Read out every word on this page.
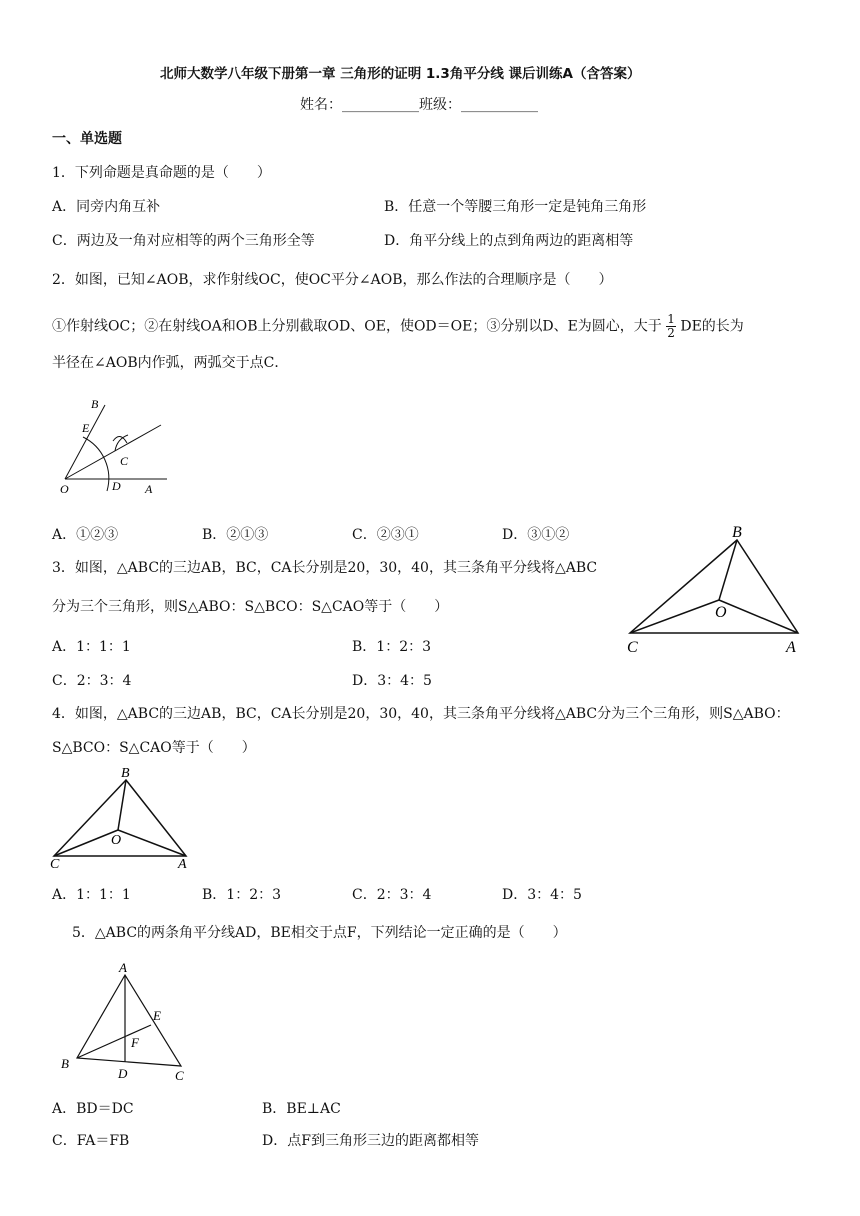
北师大数学八年级下册第一章 三角形的证明 1.3角平分线 课后训练A（含答案）
姓名：___________班级：___________
一、单选题
1．下列命题是真命题的是（　　）
A．同旁内角互补	B．任意一个等腰三角形一定是钝角三角形
C．两边及一角对应相等的两个三角形全等	D．角平分线上的点到角两边的距离相等
2．如图，已知∠AOB，求作射线OC，使OC平分∠AOB，那么作法的合理顺序是（　　）
①作射线OC；②在射线OA和OB上分别截取OD、OE，使OD＝OE；③分别以D、E为圆心，大于 $\frac{1}{2}$ DE的长为
半径在∠AOB内作弧，两弧交于点C．
B
E
C
O	D A
A．①②③	B．②①③	C．②③①	D．③①②
3．如图，△ABC的三边AB，BC，CA长分别是20，30，40，其三条角平分线将△ABC
分为三个三角形，则S△ABO：S△BCO：S△CAO等于（　　）
B
O
C	A
A．1：1：1	B．1：2：3
C．2：3：4	D．3：4：5
4．如图，△ABC的三边AB，BC，CA长分别是20，30，40，其三条角平分线将△ABC分为三个三角形，则S△ABO：
S△BCO：S△CAO等于（　　）
B
O
C	A
A．1：1：1	B．1：2：3	C．2：3：4	D．3：4：5
5．△ABC的两条角平分线AD，BE相交于点F，下列结论一定正确的是（　　）
A
E
F
B
D	C
A．BD＝DC	B．BE⊥AC
C．FA＝FB	D．点F到三角形三边的距离都相等
